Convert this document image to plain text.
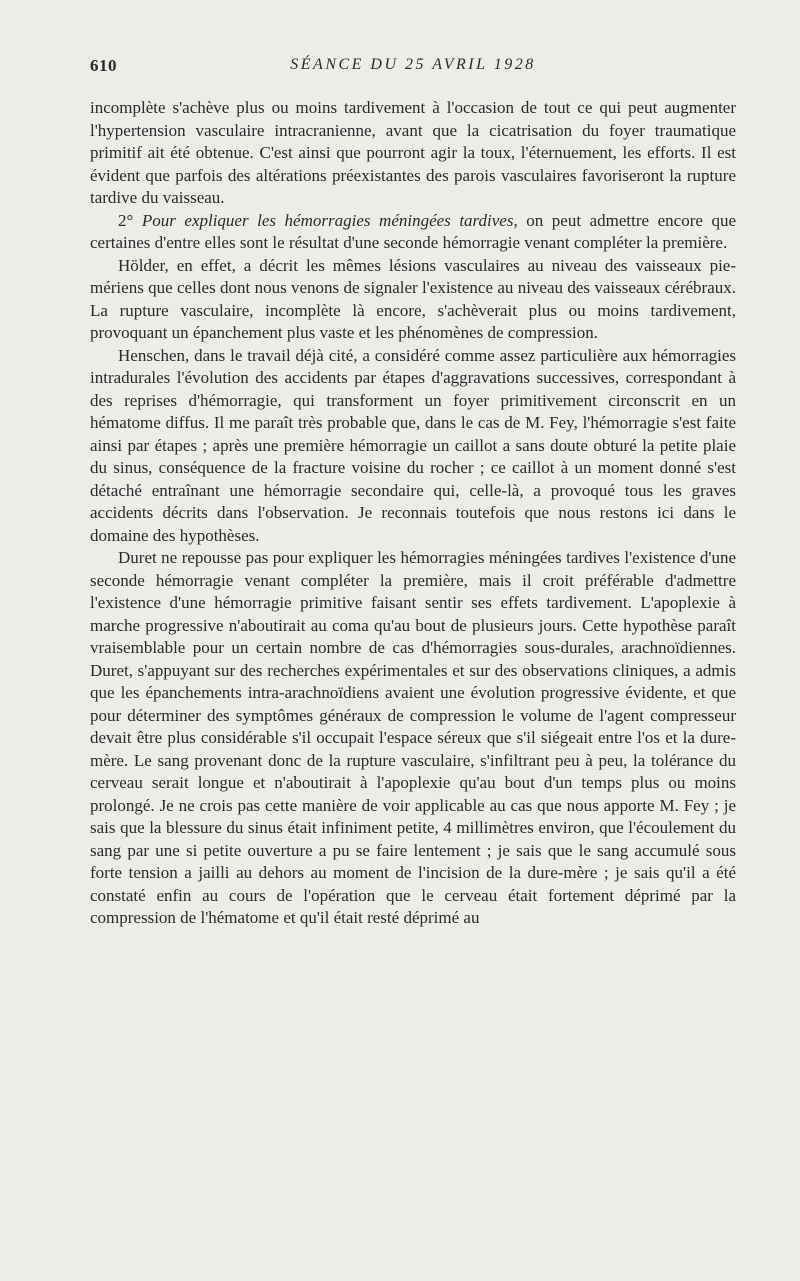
610	SÉANCE DU 25 AVRIL 1928

incomplète s'achève plus ou moins tardivement à l'occasion de tout ce qui peut augmenter l'hypertension vasculaire intracranienne, avant que la cicatrisation du foyer traumatique primitif ait été obtenue. C'est ainsi que pourront agir la toux, l'éternuement, les efforts. Il est évident que parfois des altérations préexistantes des parois vasculaires favoriseront la rupture tardive du vaisseau.

2° Pour expliquer les hémorragies méningées tardives, on peut admettre encore que certaines d'entre elles sont le résultat d'une seconde hémorragie venant compléter la première.

Hölder, en effet, a décrit les mêmes lésions vasculaires au niveau des vaisseaux pie-mériens que celles dont nous venons de signaler l'existence au niveau des vaisseaux cérébraux. La rupture vasculaire, incomplète là encore, s'achèverait plus ou moins tardivement, provoquant un épanchement plus vaste et les phénomènes de compression.

Henschen, dans le travail déjà cité, a considéré comme assez particulière aux hémorragies intradurales l'évolution des accidents par étapes d'aggravations successives, correspondant à des reprises d'hémorragie, qui transforment un foyer primitivement circonscrit en un hématome diffus. Il me paraît très probable que, dans le cas de M. Fey, l'hémorragie s'est faite ainsi par étapes ; après une première hémorragie un caillot a sans doute obturé la petite plaie du sinus, conséquence de la fracture voisine du rocher ; ce caillot à un moment donné s'est détaché entraînant une hémorragie secondaire qui, celle-là, a provoqué tous les graves accidents décrits dans l'observation. Je reconnais toutefois que nous restons ici dans le domaine des hypothèses.

Duret ne repousse pas pour expliquer les hémorragies méningées tardives l'existence d'une seconde hémorragie venant compléter la première, mais il croit préférable d'admettre l'existence d'une hémorragie primitive faisant sentir ses effets tardivement. L'apoplexie à marche progressive n'aboutirait au coma qu'au bout de plusieurs jours. Cette hypothèse paraît vraisemblable pour un certain nombre de cas d'hémorragies sous-durales, arachnoïdiennes. Duret, s'appuyant sur des recherches expérimentales et sur des observations cliniques, a admis que les épanchements intra-arachnoïdiens avaient une évolution progressive évidente, et que pour déterminer des symptômes généraux de compression le volume de l'agent compresseur devait être plus considérable s'il occupait l'espace séreux que s'il siégeait entre l'os et la dure-mère. Le sang provenant donc de la rupture vasculaire, s'infiltrant peu à peu, la tolérance du cerveau serait longue et n'aboutirait à l'apoplexie qu'au bout d'un temps plus ou moins prolongé. Je ne crois pas cette manière de voir applicable au cas que nous apporte M. Fey ; je sais que la blessure du sinus était infiniment petite, 4 millimètres environ, que l'écoulement du sang par une si petite ouverture a pu se faire lentement ; je sais que le sang accumulé sous forte tension a jailli au dehors au moment de l'incision de la dure-mère ; je sais qu'il a été constaté enfin au cours de l'opération que le cerveau était fortement déprimé par la compression de l'hématome et qu'il était resté déprimé au
